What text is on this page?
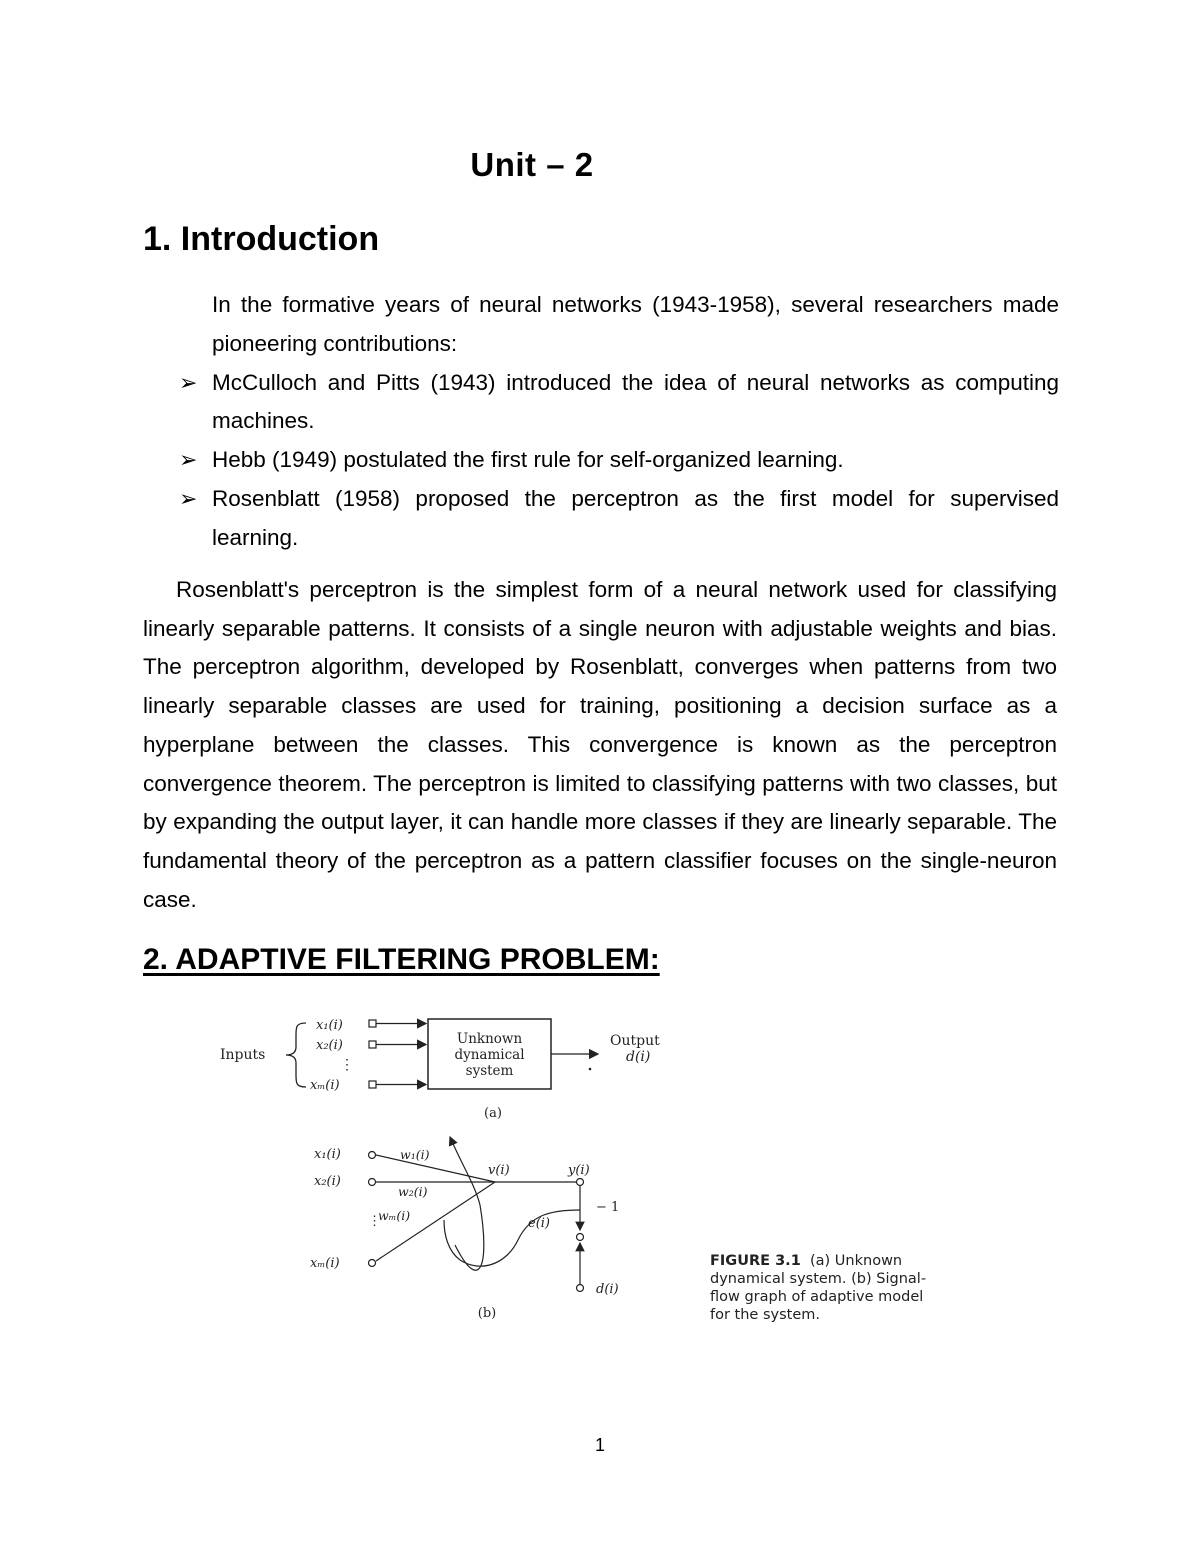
Unit – 2
1. Introduction
In the formative years of neural networks (1943-1958), several researchers made pioneering contributions:
➢ McCulloch and Pitts (1943) introduced the idea of neural networks as computing machines.
➢ Hebb (1949) postulated the first rule for self-organized learning.
➢ Rosenblatt (1958) proposed the perceptron as the first model for supervised learning.
Rosenblatt's perceptron is the simplest form of a neural network used for classifying linearly separable patterns. It consists of a single neuron with adjustable weights and bias. The perceptron algorithm, developed by Rosenblatt, converges when patterns from two linearly separable classes are used for training, positioning a decision surface as a hyperplane between the classes. This convergence is known as the perceptron convergence theorem. The perceptron is limited to classifying patterns with two classes, but by expanding the output layer, it can handle more classes if they are linearly separable. The fundamental theory of the perceptron as a pattern classifier focuses on the single-neuron case.
2. ADAPTIVE FILTERING PROBLEM:
Inputs
x₁(i)
x₂(i)
⋮
xₘ(i)
Unknown
dynamical
system
Output
d(i)
(a)
x₁(i)
x₂(i)
⋮
xₘ(i)
w₁(i)
w₂(i)
wₘ(i)
v(i)	y(i)
− 1
e(i)
d(i)
(b)
FIGURE 3.1 (a) Unknown
dynamical system. (b) Signal-
flow graph of adaptive model
for the system.
1
